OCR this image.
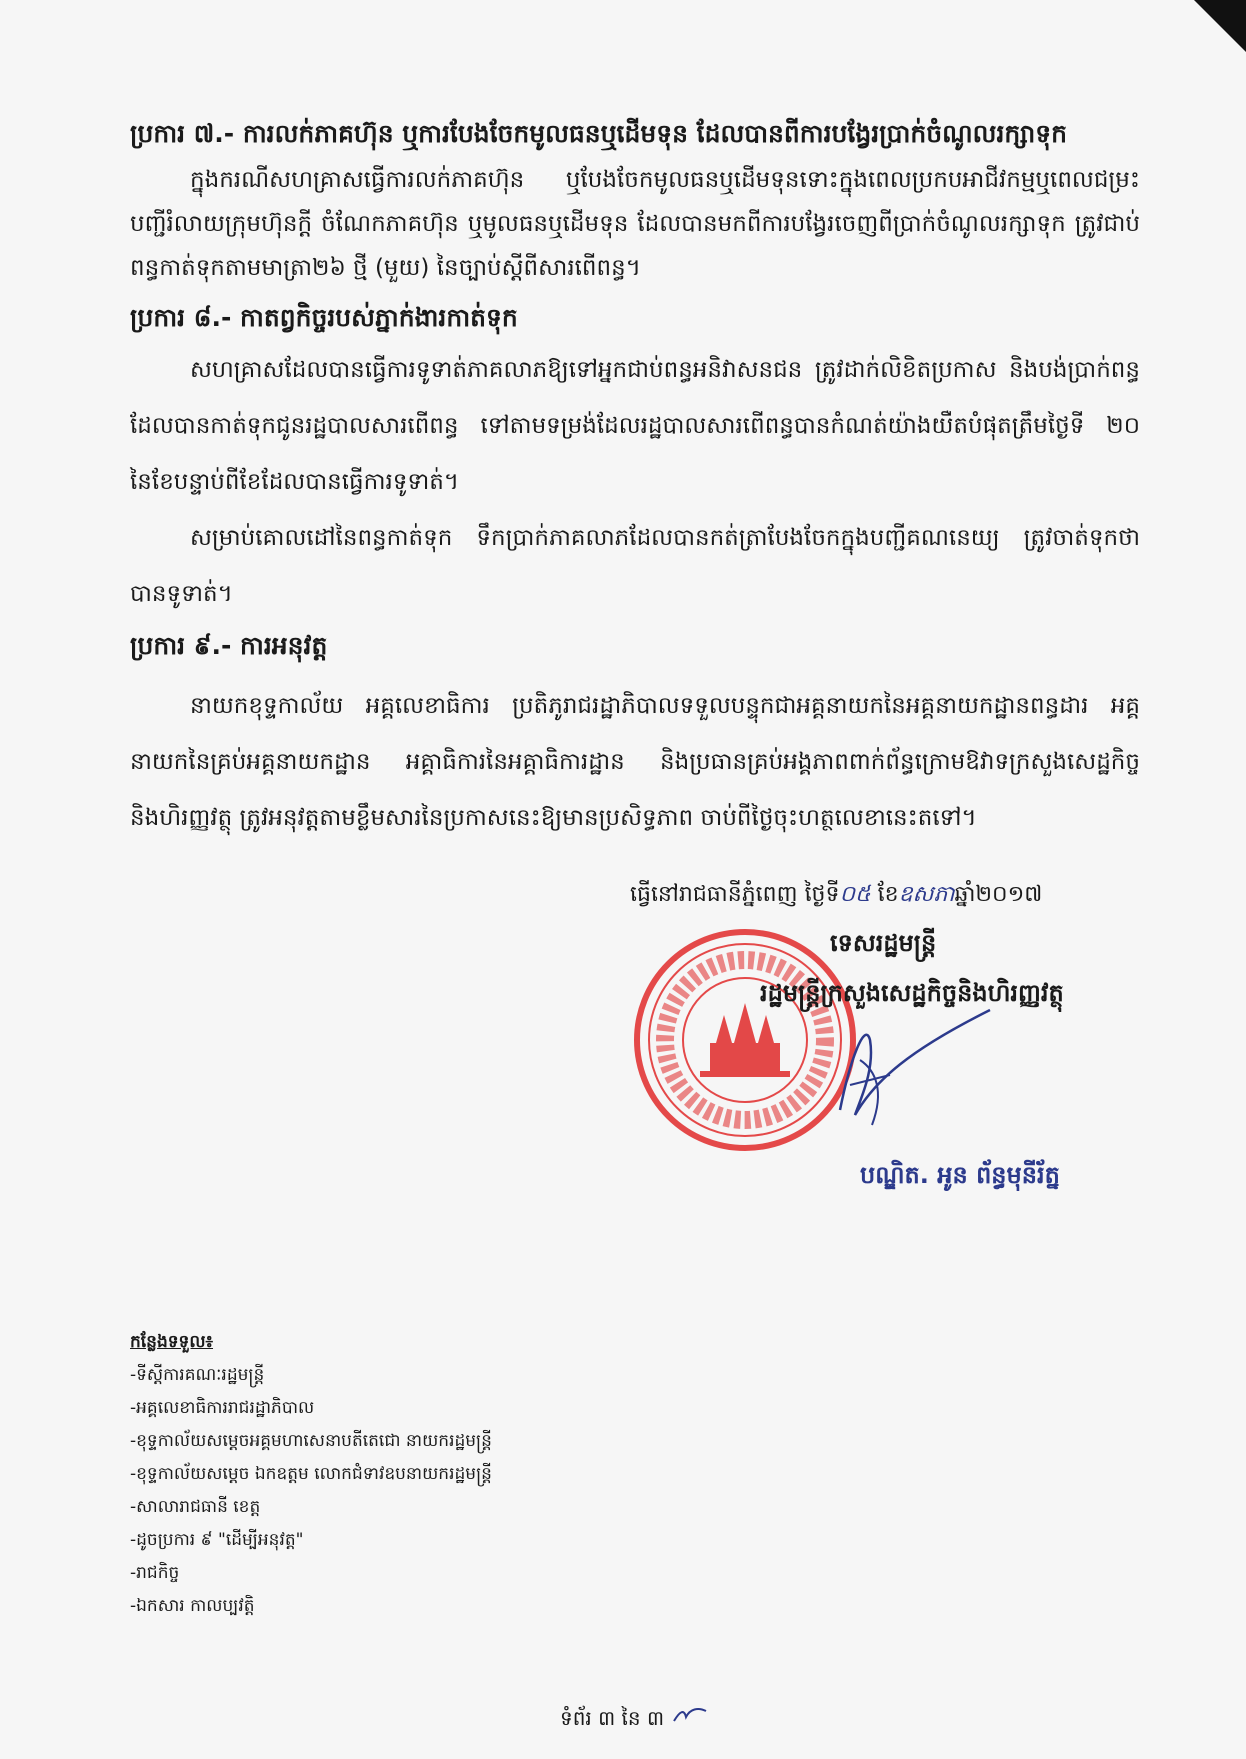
ប្រការ ៧.- ការលក់ភាគហ៊ុន ឬការបែងចែកមូលធនឬដើមទុន ដែលបានពីការបង្វែរប្រាក់ចំណូលរក្សាទុក

ក្នុងករណីសហគ្រាសធ្វើការលក់ភាគហ៊ុន ឬបែងចែកមូលធនឬដើមទុនទោះក្នុងពេលប្រកបអាជីវកម្មឬពេលជម្រះបញ្ជីរំលាយក្រុមហ៊ុនក្ដី ចំណែកភាគហ៊ុន ឬមូលធនឬដើមទុន ដែលបានមកពីការបង្វែរចេញពីប្រាក់ចំណូលរក្សាទុក ត្រូវជាប់ពន្ធកាត់ទុកតាមមាត្រា២៦ ថ្មី (មួយ) នៃច្បាប់ស្ដីពីសារពើពន្ធ។

ប្រការ ៨.- កាតព្វកិច្ចរបស់ភ្នាក់ងារកាត់ទុក

សហគ្រាសដែលបានធ្វើការទូទាត់ភាគលាភឱ្យទៅអ្នកជាប់ពន្ធអនិវាសនជន ត្រូវដាក់លិខិតប្រកាស និងបង់ប្រាក់ពន្ធដែលបានកាត់ទុកជូនរដ្ឋបាលសារពើពន្ធ ទៅតាមទម្រង់ដែលរដ្ឋបាលសារពើពន្ធបានកំណត់យ៉ាងយឺតបំផុតត្រឹមថ្ងៃទី ២០ នៃខែបន្ទាប់ពីខែដែលបានធ្វើការទូទាត់។

សម្រាប់គោលដៅនៃពន្ធកាត់ទុក ទឹកប្រាក់ភាគលាភដែលបានកត់ត្រាបែងចែកក្នុងបញ្ជីគណនេយ្យ ត្រូវចាត់ទុកថាបានទូទាត់។

ប្រការ ៩.- ការអនុវត្ត

នាយកខុទ្ទកាល័យ អគ្គលេខាធិការ ប្រតិភូរាជរដ្ឋាភិបាលទទួលបន្ទុកជាអគ្គនាយកនៃអគ្គនាយកដ្ឋានពន្ធដារ អគ្គនាយកនៃគ្រប់អគ្គនាយកដ្ឋាន អគ្គាធិការនៃអគ្គាធិការដ្ឋាន និងប្រធានគ្រប់អង្គភាពពាក់ព័ន្ធក្រោមឱវាទក្រសួងសេដ្ឋកិច្ចនិងហិរញ្ញវត្ថុ ត្រូវអនុវត្តតាមខ្លឹមសារនៃប្រកាសនេះឱ្យមានប្រសិទ្ធភាព ចាប់ពីថ្ងៃចុះហត្ថលេខានេះតទៅ។

ធ្វើនៅរាជធានីភ្នំពេញ ថ្ងៃទី០៥ ខែឧសភាឆ្នាំ២០១៧
ទេសរដ្ឋមន្ត្រី
រដ្ឋមន្ត្រីក្រសួងសេដ្ឋកិច្ចនិងហិរញ្ញវត្ថុ
បណ្ឌិត. អូន ព័ន្ធមុនីរ័ត្ន

កន្លែងទទួល៖

-ទីស្ដីការគណៈរដ្ឋមន្ត្រី

-អគ្គលេខាធិការរាជរដ្ឋាភិបាល

-ខុទ្ទកាល័យសម្ដេចអគ្គមហាសេនាបតីតេជោ នាយករដ្ឋមន្ត្រី

-ខុទ្ទកាល័យសម្ដេច ឯកឧត្ដម លោកជំទាវឧបនាយករដ្ឋមន្ត្រី

-សាលារាជធានី ខេត្ត

-ដូចប្រការ ៩ "ដើម្បីអនុវត្ត"

-រាជកិច្ច

-ឯកសារ កាលប្បវត្តិ

ទំព័រ ៣ នៃ ៣
